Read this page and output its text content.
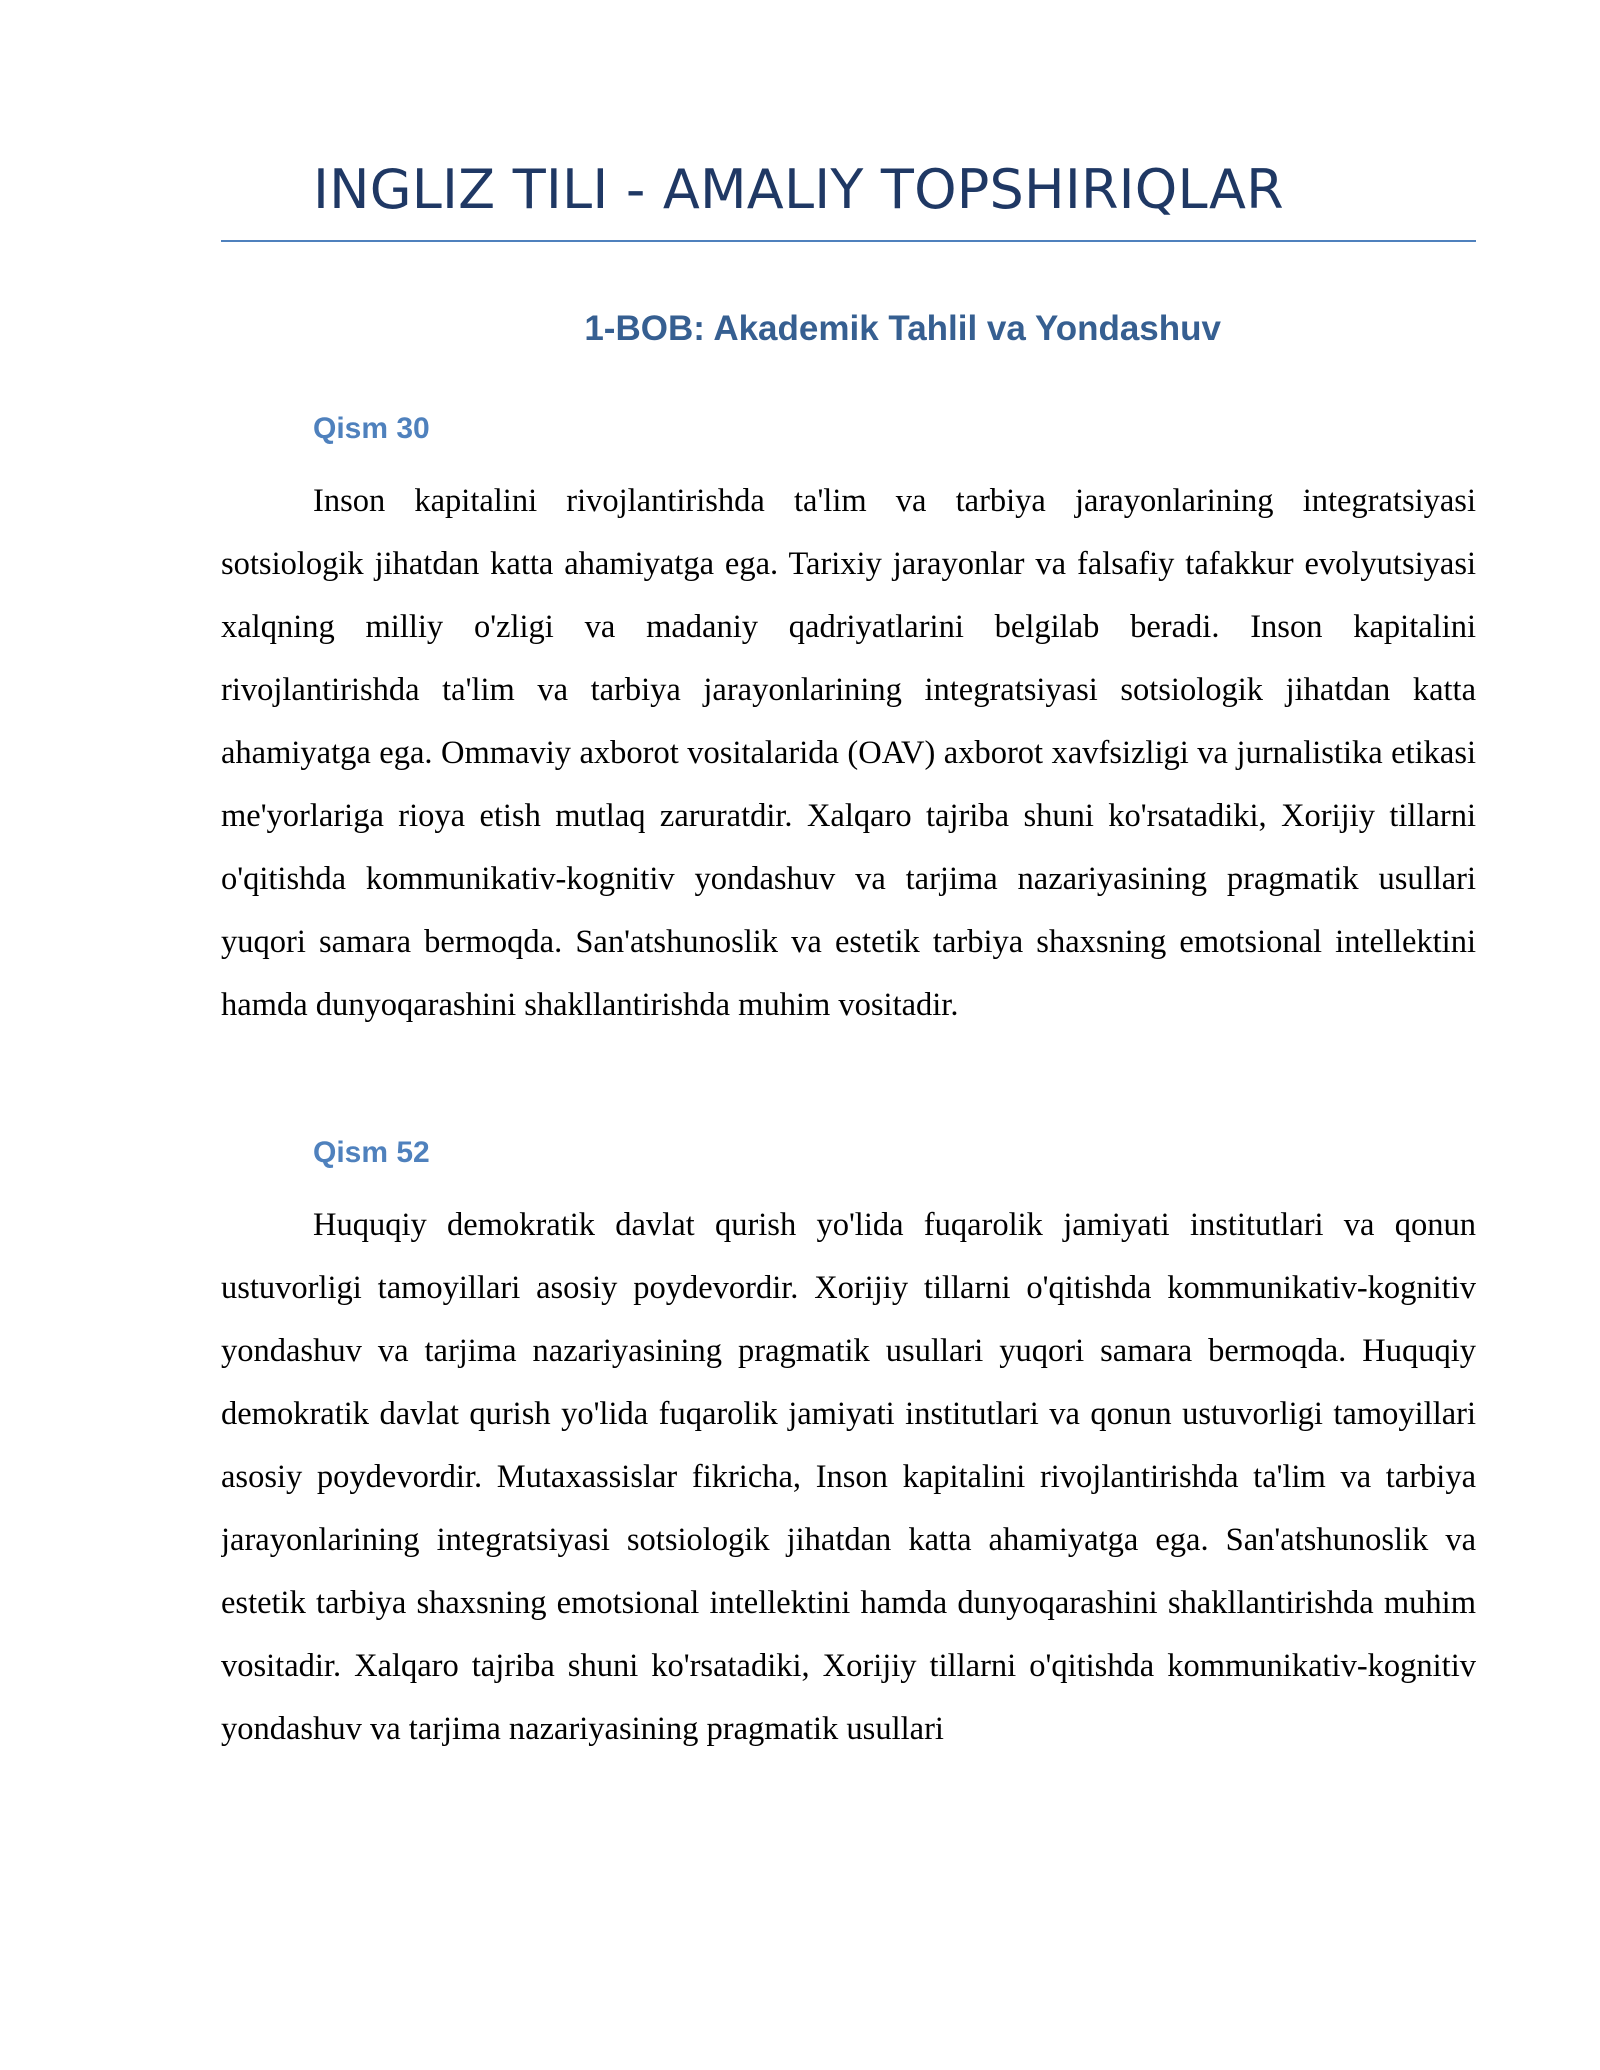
INGLIZ TILI - AMALIY TOPSHIRIQLAR
1-BOB: Akademik Tahlil va Yondashuv
Qism 30

Inson kapitalini rivojlantirishda ta'lim va tarbiya jarayonlarining integratsiyasi sotsiologik jihatdan katta ahamiyatga ega. Tarixiy jarayonlar va falsafiy tafakkur evolyutsiyasi xalqning milliy o'zligi va madaniy qadriyatlarini belgilab beradi. Inson kapitalini rivojlantirishda ta'lim va tarbiya jarayonlarining integratsiyasi sotsiologik jihatdan katta ahamiyatga ega. Ommaviy axborot vositalarida (OAV) axborot xavfsizligi va jurnalistika etikasi me'yorlariga rioya etish mutlaq zaruratdir. Xalqaro tajriba shuni ko'rsatadiki, Xorijiy tillarni o'qitishda kommunikativ-kognitiv yondashuv va tarjima nazariyasining pragmatik usullari yuqori samara bermoqda. San'atshunoslik va estetik tarbiya shaxsning emotsional intellektini hamda dunyoqarashini shakllantirishda muhim vositadir.

Qism 52

Huquqiy demokratik davlat qurish yo'lida fuqarolik jamiyati institutlari va qonun ustuvorligi tamoyillari asosiy poydevordir. Xorijiy tillarni o'qitishda kommunikativ-kognitiv yondashuv va tarjima nazariyasining pragmatik usullari yuqori samara bermoqda. Huquqiy demokratik davlat qurish yo'lida fuqarolik jamiyati institutlari va qonun ustuvorligi tamoyillari asosiy poydevordir. Mutaxassislar fikricha, Inson kapitalini rivojlantirishda ta'lim va tarbiya jarayonlarining integratsiyasi sotsiologik jihatdan katta ahamiyatga ega. San'atshunoslik va estetik tarbiya shaxsning emotsional intellektini hamda dunyoqarashini shakllantirishda muhim vositadir. Xalqaro tajriba shuni ko'rsatadiki, Xorijiy tillarni o'qitishda kommunikativ-kognitiv yondashuv va tarjima nazariyasining pragmatik usullari
